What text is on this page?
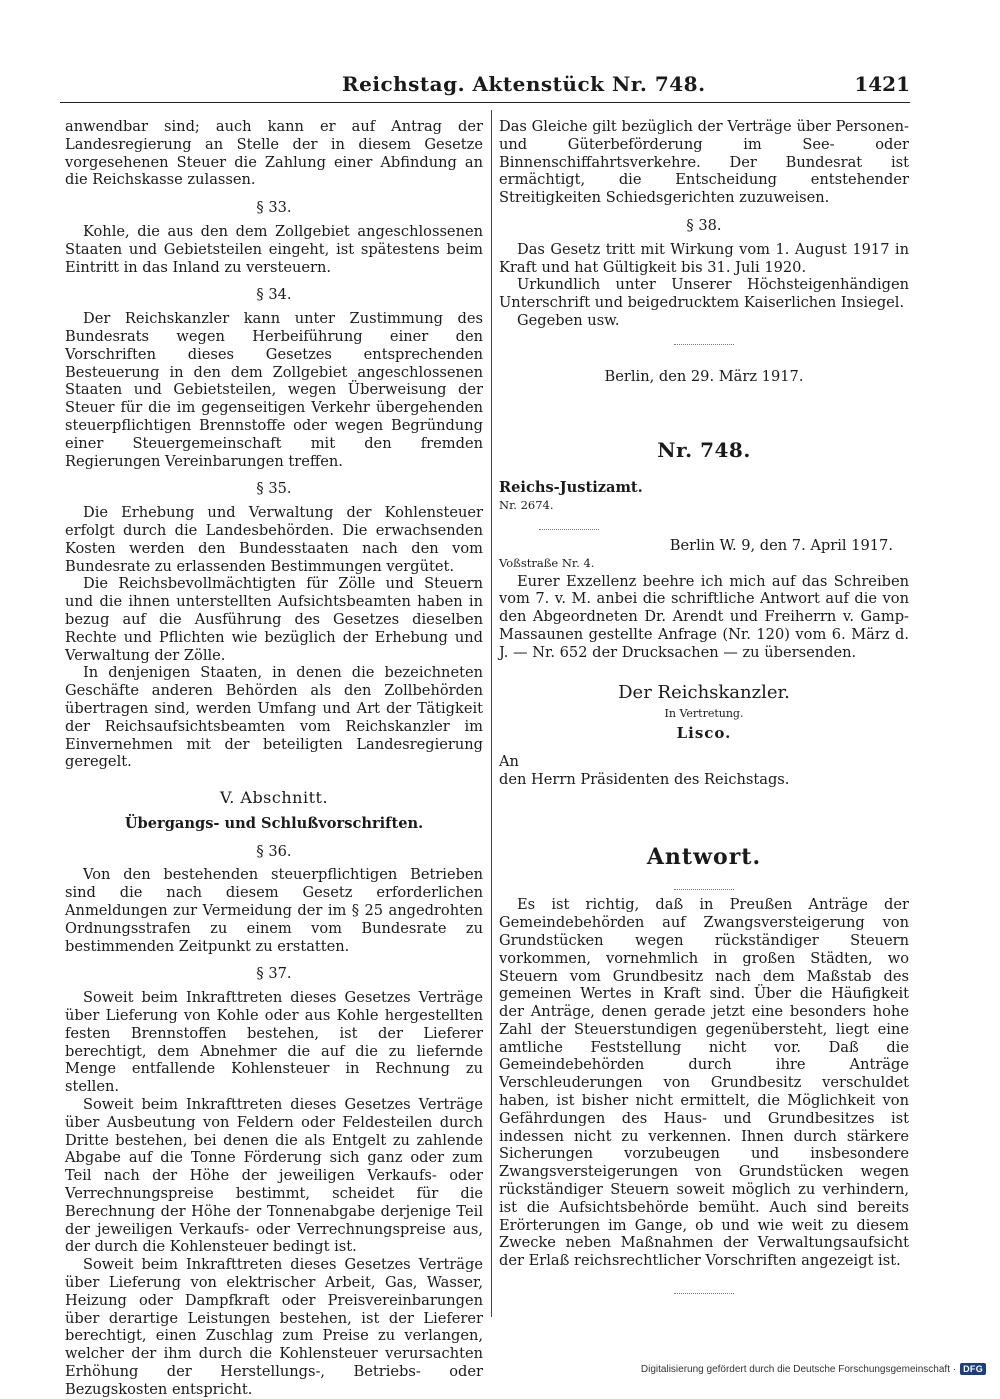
Reichstag. Aktenstück Nr. 748.	1421

anwendbar sind; auch kann er auf Antrag der Landesregierung an Stelle der in diesem Gesetze vorgesehenen Steuer die Zahlung einer Abfindung an die Reichskasse zulassen.

§ 33.

Kohle, die aus den dem Zollgebiet angeschlossenen Staaten und Gebietsteilen eingeht, ist spätestens beim Eintritt in das Inland zu versteuern.

§ 34.

Der Reichskanzler kann unter Zustimmung des Bundesrats wegen Herbeiführung einer den Vorschriften dieses Gesetzes entsprechenden Besteuerung in den dem Zollgebiet angeschlossenen Staaten und Gebietsteilen, wegen Überweisung der Steuer für die im gegenseitigen Verkehr übergehenden steuerpflichtigen Brennstoffe oder wegen Begründung einer Steuergemeinschaft mit den fremden Regierungen Vereinbarungen treffen.

§ 35.

Die Erhebung und Verwaltung der Kohlensteuer erfolgt durch die Landesbehörden. Die erwachsenden Kosten werden den Bundesstaaten nach den vom Bundesrate zu erlassenden Bestimmungen vergütet.

Die Reichsbevollmächtigten für Zölle und Steuern und die ihnen unterstellten Aufsichtsbeamten haben in bezug auf die Ausführung des Gesetzes dieselben Rechte und Pflichten wie bezüglich der Erhebung und Verwaltung der Zölle.

In denjenigen Staaten, in denen die bezeichneten Geschäfte anderen Behörden als den Zollbehörden übertragen sind, werden Umfang und Art der Tätigkeit der Reichsaufsichtsbeamten vom Reichskanzler im Einvernehmen mit der beteiligten Landesregierung geregelt.

V. Abschnitt.
Übergangs- und Schlußvorschriften.
§ 36.

Von den bestehenden steuerpflichtigen Betrieben sind die nach diesem Gesetz erforderlichen Anmeldungen zur Vermeidung der im § 25 angedrohten Ordnungsstrafen zu einem vom Bundesrate zu bestimmenden Zeitpunkt zu erstatten.

§ 37.

Soweit beim Inkrafttreten dieses Gesetzes Verträge über Lieferung von Kohle oder aus Kohle hergestellten festen Brennstoffen bestehen, ist der Lieferer berechtigt, dem Abnehmer die auf die zu liefernde Menge entfallende Kohlensteuer in Rechnung zu stellen.

Soweit beim Inkrafttreten dieses Gesetzes Verträge über Ausbeutung von Feldern oder Feldesteilen durch Dritte bestehen, bei denen die als Entgelt zu zahlende Abgabe auf die Tonne Förderung sich ganz oder zum Teil nach der Höhe der jeweiligen Verkaufs- oder Verrechnungspreise bestimmt, scheidet für die Berechnung der Höhe der Tonnenabgabe derjenige Teil der jeweiligen Verkaufs- oder Verrechnungspreise aus, der durch die Kohlensteuer bedingt ist.

Soweit beim Inkrafttreten dieses Gesetzes Verträge über Lieferung von elektrischer Arbeit, Gas, Wasser, Heizung oder Dampfkraft oder Preisvereinbarungen über derartige Leistungen bestehen, ist der Lieferer berechtigt, einen Zuschlag zum Preise zu verlangen, welcher der ihm durch die Kohlensteuer verursachten Erhöhung der Herstellungs-, Betriebs- oder Bezugskosten entspricht.

Das Gleiche gilt bezüglich der Verträge über Personen- und Güterbeförderung im See- oder Binnenschiffahrtsverkehre. Der Bundesrat ist ermächtigt, die Entscheidung entstehender Streitigkeiten Schiedsgerichten zuzuweisen.

§ 38.

Das Gesetz tritt mit Wirkung vom 1. August 1917 in Kraft und hat Gültigkeit bis 31. Juli 1920.

Urkundlich unter Unserer Höchsteigenhändigen Unterschrift und beigedrucktem Kaiserlichen Insiegel.

Gegeben usw.

Berlin, den 29. März 1917.
Nr. 748.

Reichs-Justizamt.

Nr. 2674.

Berlin W. 9, den 7. April 1917.

Voßstraße Nr. 4.

Eurer Exzellenz beehre ich mich auf das Schreiben vom 7. v. M. anbei die schriftliche Antwort auf die von den Abgeordneten Dr. Arendt und Freiherrn v. Gamp-Massaunen gestellte Anfrage (Nr. 120) vom 6. März d. J. — Nr. 652 der Drucksachen — zu übersenden.

Der Reichskanzler.
In Vertretung.
Lisco.

An

den Herrn Präsidenten des Reichstags.

Antwort.

Es ist richtig, daß in Preußen Anträge der Gemeindebehörden auf Zwangsversteigerung von Grundstücken wegen rückständiger Steuern vorkommen, vornehmlich in großen Städten, wo Steuern vom Grundbesitz nach dem Maßstab des gemeinen Wertes in Kraft sind. Über die Häufigkeit der Anträge, denen gerade jetzt eine besonders hohe Zahl der Steuerstundigen gegenübersteht, liegt eine amtliche Feststellung nicht vor. Daß die Gemeindebehörden durch ihre Anträge Verschleuderungen von Grundbesitz verschuldet haben, ist bisher nicht ermittelt, die Möglichkeit von Gefährdungen des Haus- und Grundbesitzes ist indessen nicht zu verkennen. Ihnen durch stärkere Sicherungen vorzubeugen und insbesondere Zwangsversteigerungen von Grundstücken wegen rückständiger Steuern soweit möglich zu verhindern, ist die Aufsichtsbehörde bemüht. Auch sind bereits Erörterungen im Gange, ob und wie weit zu diesem Zwecke neben Maßnahmen der Verwaltungsaufsicht der Erlaß reichsrechtlicher Vorschriften angezeigt ist.

Digitalisierung gefördert durch die Deutsche Forschungsgemeinschaft · DFG
